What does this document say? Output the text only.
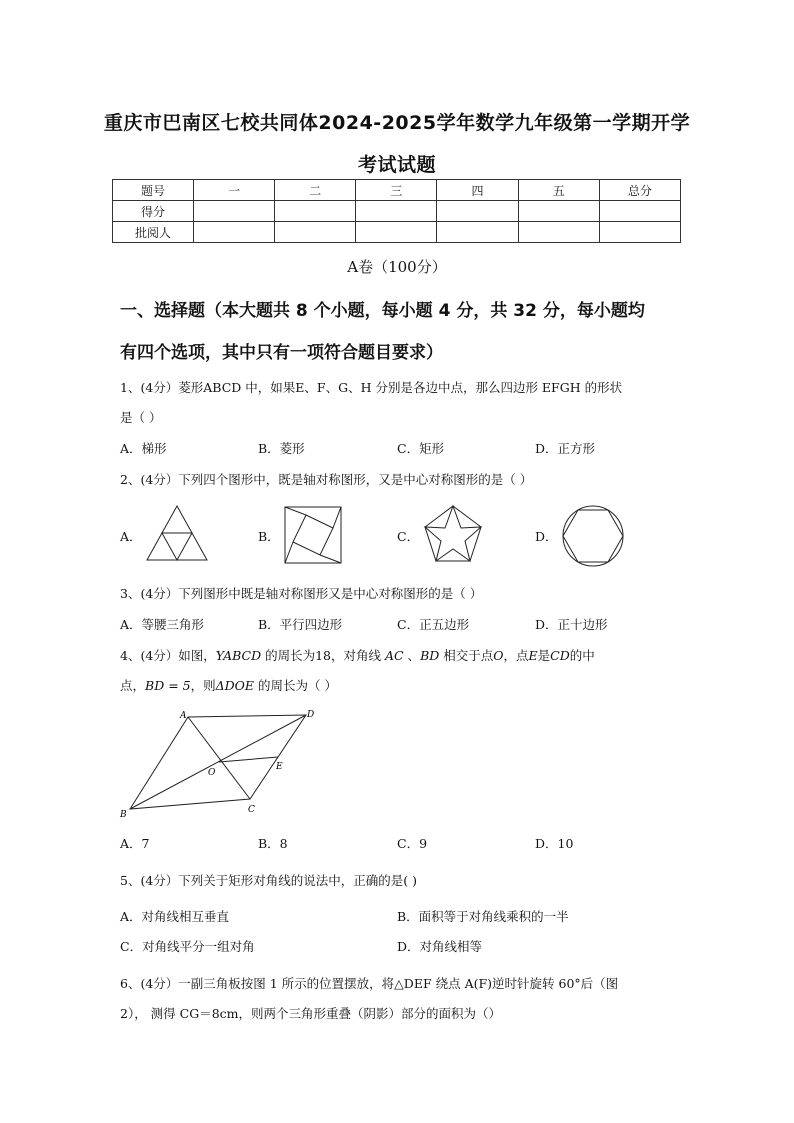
重庆市巴南区七校共同体2024-2025学年数学九年级第一学期开学
考试试题
题号	一	二	三	四	五	总分
得分						
批阅人						
A卷（100分）
一、选择题（本大题共 8 个小题，每小题 4 分，共 32 分，每小题均
有四个选项，其中只有一项符合题目要求）
1、(4分）菱形ABCD 中，如果E、F、G、H 分别是各边中点，那么四边形 EFGH 的形状
是（ ）
A．梯形	B．菱形	C．矩形	D．正方形
2、(4分）下列四个图形中，既是轴对称图形，又是中心对称图形的是（ ）
A．	B．	C．	D．
3、(4分）下列图形中既是轴对称图形又是中心对称图形的是（ ）
A．等腰三角形	B．平行四边形	C．正五边形	D．正十边形
4、(4分）如图，YABCD 的周长为18，对角线 AC 、BD 相交于点O，点E是CD的中
点，BD = 5，则ΔDOE 的周长为（ ）
A	D
O
E
B	C
A．7	B．8	C．9	D．10
5、(4分）下列关于矩形对角线的说法中，正确的是( )
A．对角线相互垂直	B．面积等于对角线乘积的一半
C．对角线平分一组对角	D．对角线相等
6、(4分）一副三角板按图 1 所示的位置摆放，将△DEF 绕点 A(F)逆时针旋转 60°后（图
2）， 测得 CG＝8cm，则两个三角形重叠（阴影）部分的面积为（）
